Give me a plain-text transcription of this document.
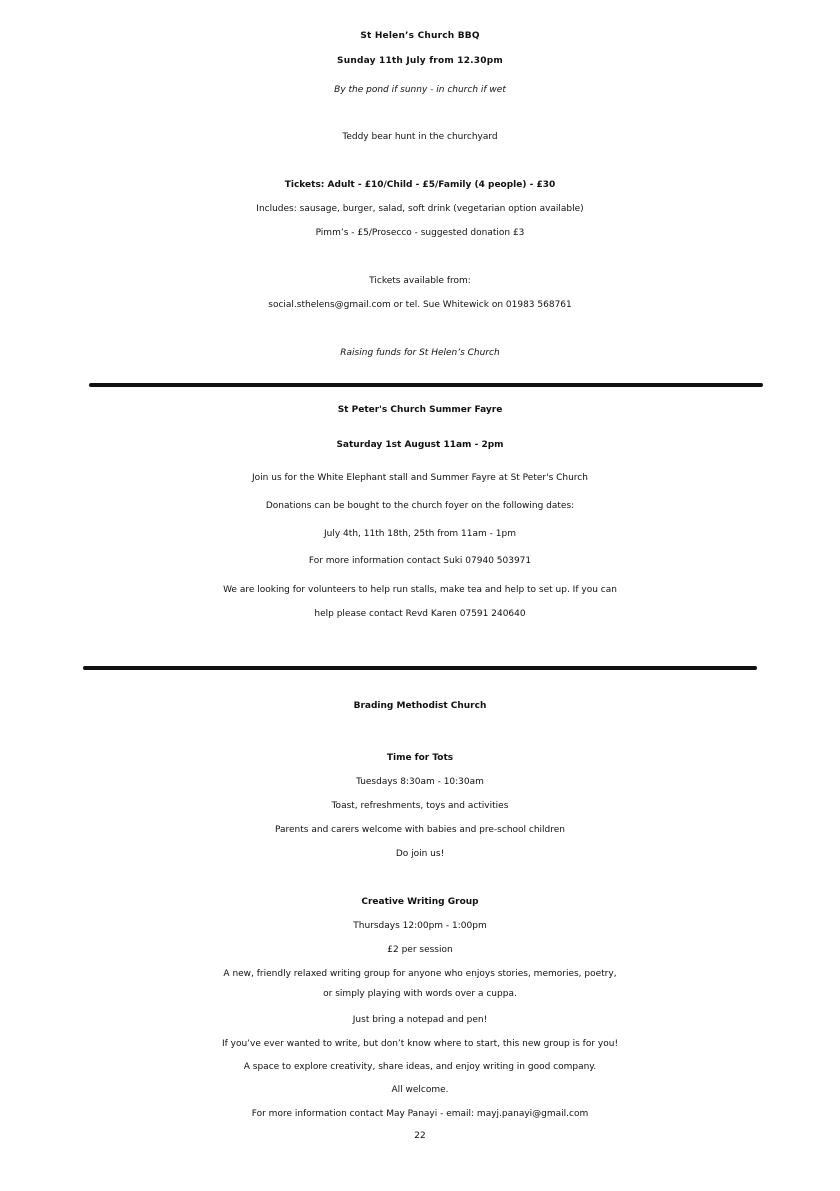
St Helen’s Church BBQ
Sunday 11th July from 12.30pm
By the pond if sunny - in church if wet
Teddy bear hunt in the churchyard
Tickets: Adult - £10/Child - £5/Family (4 people) - £30
Includes: sausage, burger, salad, soft drink (vegetarian option available)
Pimm’s - £5/Prosecco - suggested donation £3
Tickets available from:
social.sthelens@gmail.com or tel. Sue Whitewick on 01983 568761
Raising funds for St Helen’s Church
St Peter's Church Summer Fayre
Saturday 1st August 11am - 2pm
Join us for the White Elephant stall and Summer Fayre at St Peter's Church
Donations can be bought to the church foyer on the following dates:
July 4th, 11th 18th, 25th from 11am - 1pm
For more information contact Suki 07940 503971
We are looking for volunteers to help run stalls, make tea and help to set up. If you can
help please contact Revd Karen 07591 240640
Brading Methodist Church
Time for Tots
Tuesdays 8:30am - 10:30am
Toast, refreshments, toys and activities
Parents and carers welcome with babies and pre-school children
Do join us!
Creative Writing Group
Thursdays 12:00pm - 1:00pm
£2 per session
A new, friendly relaxed writing group for anyone who enjoys stories, memories, poetry,
or simply playing with words over a cuppa.
Just bring a notepad and pen!
If you’ve ever wanted to write, but don’t know where to start, this new group is for you!
A space to explore creativity, share ideas, and enjoy writing in good company.
All welcome.
For more information contact May Panayi - email: mayj.panayi@gmail.com
22
